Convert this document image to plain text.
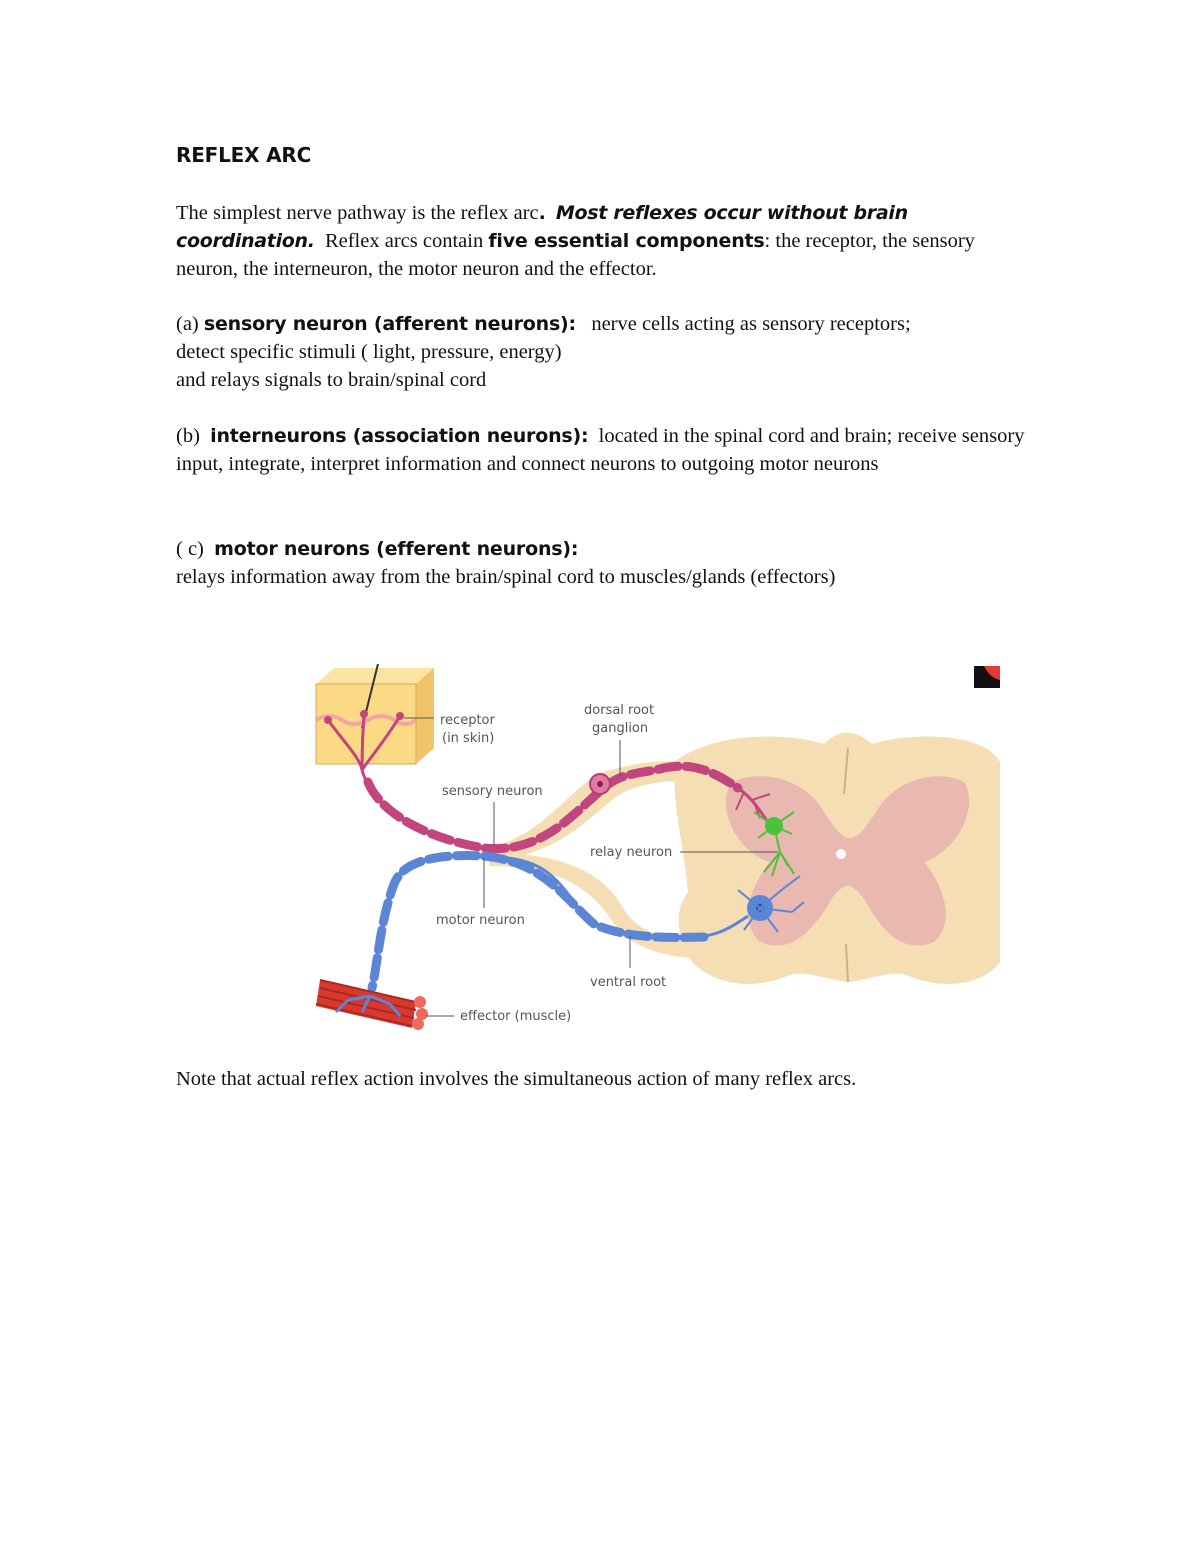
REFLEX ARC

The simplest nerve pathway is the reflex arc. Most reflexes occur without brain coordination. Reflex arcs contain five essential components: the receptor, the sensory neuron, the interneuron, the motor neuron and the effector.

(a) sensory neuron (afferent neurons): nerve cells acting as sensory receptors;

detect specific stimuli ( light, pressure, energy)

and relays signals to brain/spinal cord

(b) interneurons (association neurons): located in the spinal cord and brain; receive sensory input, integrate, interpret information and connect neurons to outgoing motor neurons

( c) motor neurons (efferent neurons):

relays information away from the brain/spinal cord to muscles/glands (effectors)

receptor
(in skin)
dorsal root
ganglion
sensory neuron
relay neuron
motor neuron
ventral root
effector (muscle)

Note that actual reflex action involves the simultaneous action of many reflex arcs.
